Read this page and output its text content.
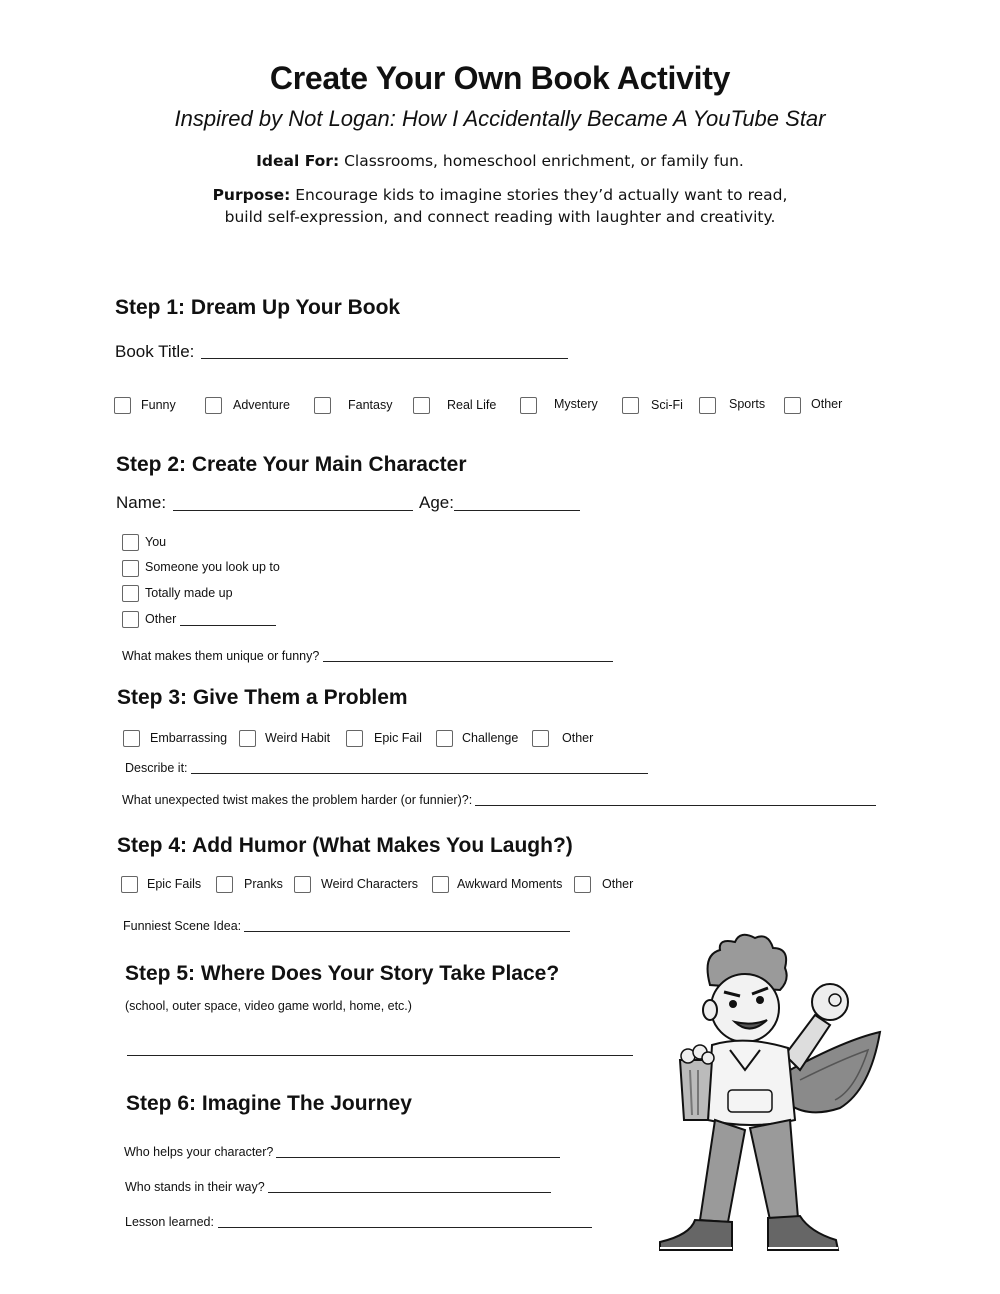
Create Your Own Book Activity
Inspired by Not Logan: How I Accidentally Became A YouTube Star
Ideal For: Classrooms, homeschool enrichment, or family fun.
Purpose: Encourage kids to imagine stories they’d actually want to read,
build self-expression, and connect reading with laughter and creativity.
Step 1: Dream Up Your Book
Book Title:
Funny	Adventure	Fantasy	Real Life	Mystery	Sci-Fi	Sports	Other
Step 2: Create Your Main Character
Name:	Age:
You
Someone you look up to
Totally made up
Other
What makes them unique or funny?
Step 3: Give Them a Problem
Embarrassing	Weird Habit	Epic Fail	Challenge	Other
Describe it:
What unexpected twist makes the problem harder (or funnier)?:
Step 4: Add Humor (What Makes You Laugh?)
Epic Fails	Pranks	Weird Characters	Awkward Moments	Other
Funniest Scene Idea:
Step 5: Where Does Your Story Take Place?
(school, outer space, video game world, home, etc.)
Step 6: Imagine The Journey
Who helps your character?
Who stands in their way?
Lesson learned:
